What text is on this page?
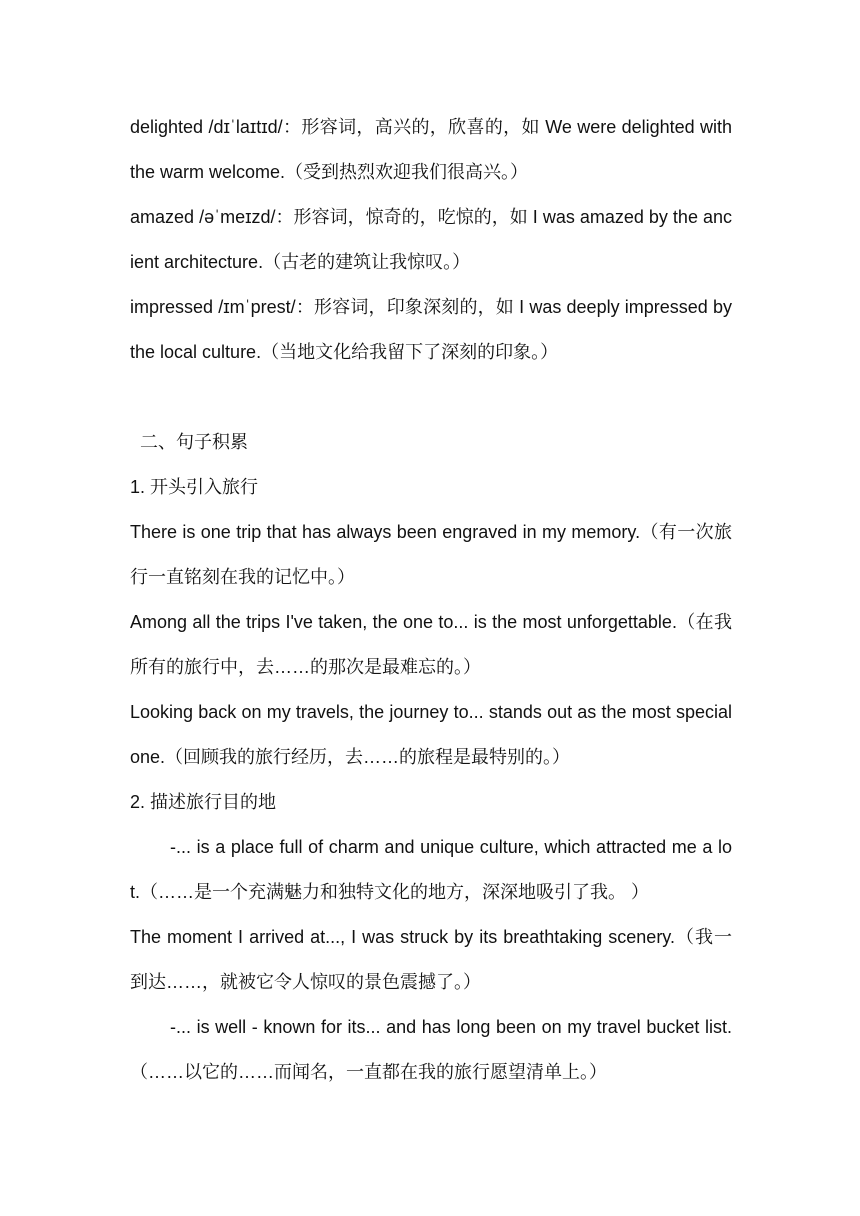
delighted /dɪˈlaɪtɪd/：形容词，高兴的，欣喜的，如 We were delighted with the warm welcome.（受到热烈欢迎我们很高兴。）

amazed /əˈmeɪzd/：形容词，惊奇的，吃惊的，如 I was amazed by the ancient architecture.（古老的建筑让我惊叹。）

impressed /ɪmˈprest/：形容词，印象深刻的，如 I was deeply impressed by the local culture.（当地文化给我留下了深刻的印象。）

二、句子积累

1. 开头引入旅行

There is one trip that has always been engraved in my memory.（有一次旅行一直铭刻在我的记忆中。）

Among all the trips I've taken, the one to... is the most unforgettable.（在我所有的旅行中，去……的那次是最难忘的。）

Looking back on my travels, the journey to... stands out as the most special one.（回顾我的旅行经历，去……的旅程是最特别的。）

2. 描述旅行目的地

-... is a place full of charm and unique culture, which attracted me a lot.（……是一个充满魅力和独特文化的地方，深深地吸引了我。 ）

The moment I arrived at..., I was struck by its breathtaking scenery.（我一到达……，就被它令人惊叹的景色震撼了。）

-... is well - known for its... and has long been on my travel bucket list.（……以它的……而闻名，一直都在我的旅行愿望清单上。）
